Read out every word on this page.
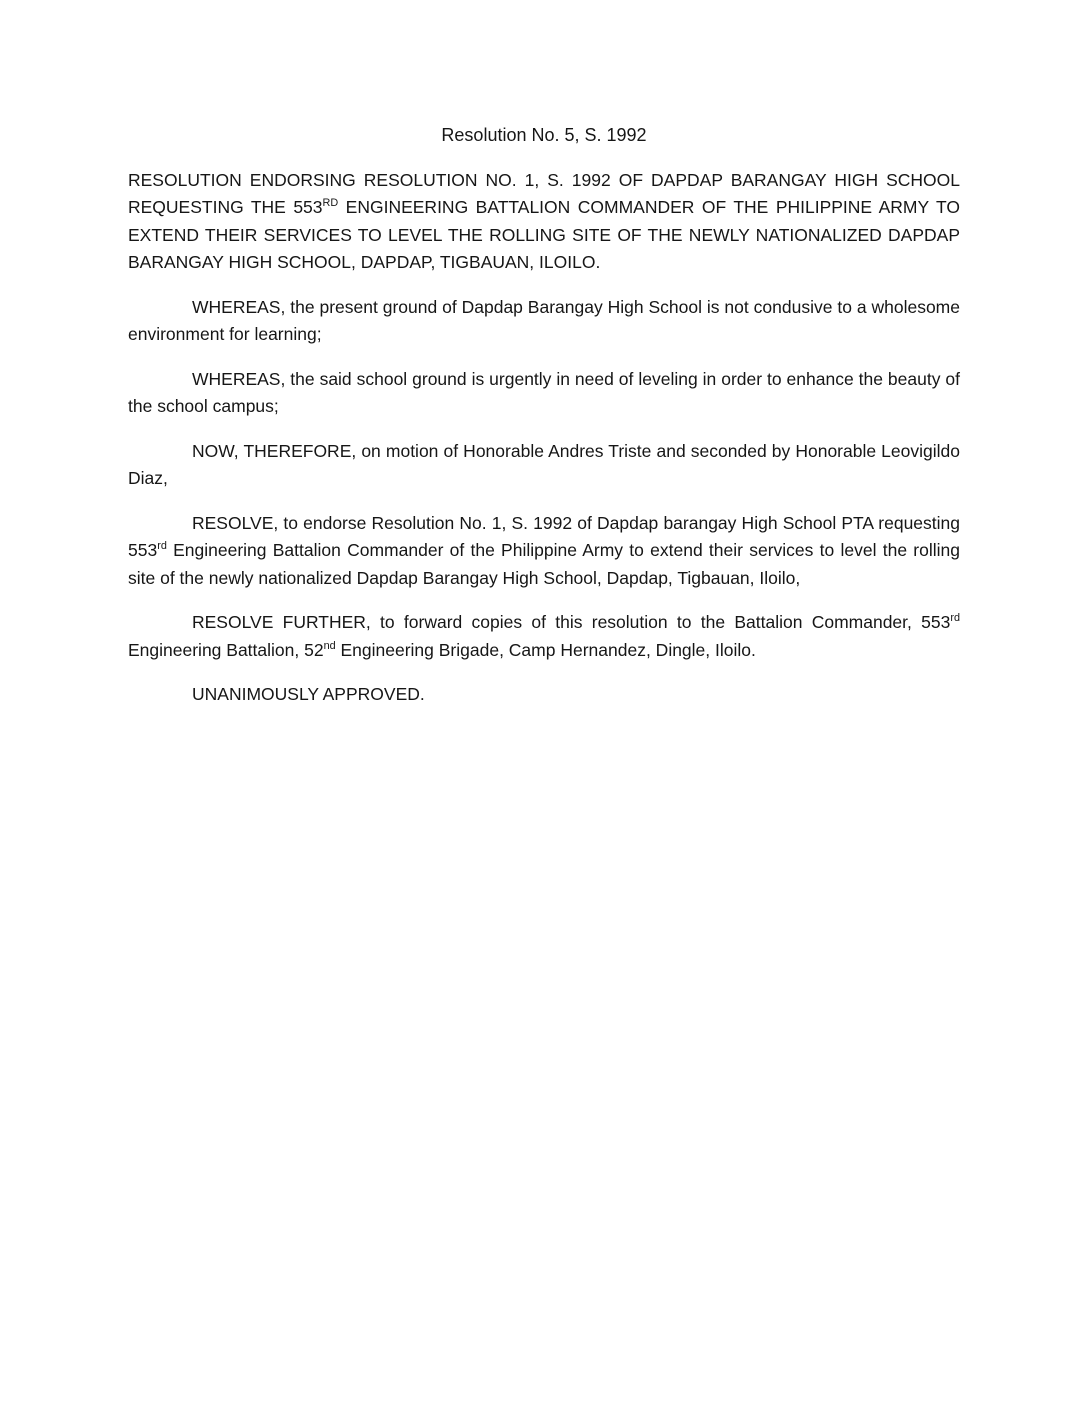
Resolution No. 5, S. 1992

RESOLUTION ENDORSING RESOLUTION NO. 1, S. 1992 OF DAPDAP BARANGAY HIGH SCHOOL REQUESTING THE 553RD ENGINEERING BATTALION COMMANDER OF THE PHILIPPINE ARMY TO EXTEND THEIR SERVICES TO LEVEL THE ROLLING SITE OF THE NEWLY NATIONALIZED DAPDAP BARANGAY HIGH SCHOOL, DAPDAP, TIGBAUAN, ILOILO.

WHEREAS, the present ground of Dapdap Barangay High School is not condusive to a wholesome environment for learning;

WHEREAS, the said school ground is urgently in need of leveling in order to enhance the beauty of the school campus;

NOW, THEREFORE, on motion of Honorable Andres Triste and seconded by Honorable Leovigildo Diaz,

RESOLVE, to endorse Resolution No. 1, S. 1992 of Dapdap barangay High School PTA requesting 553rd Engineering Battalion Commander of the Philippine Army to extend their services to level the rolling site of the newly nationalized Dapdap Barangay High School, Dapdap, Tigbauan, Iloilo,

RESOLVE FURTHER, to forward copies of this resolution to the Battalion Commander, 553rd Engineering Battalion, 52nd Engineering Brigade, Camp Hernandez, Dingle, Iloilo.

UNANIMOUSLY APPROVED.
